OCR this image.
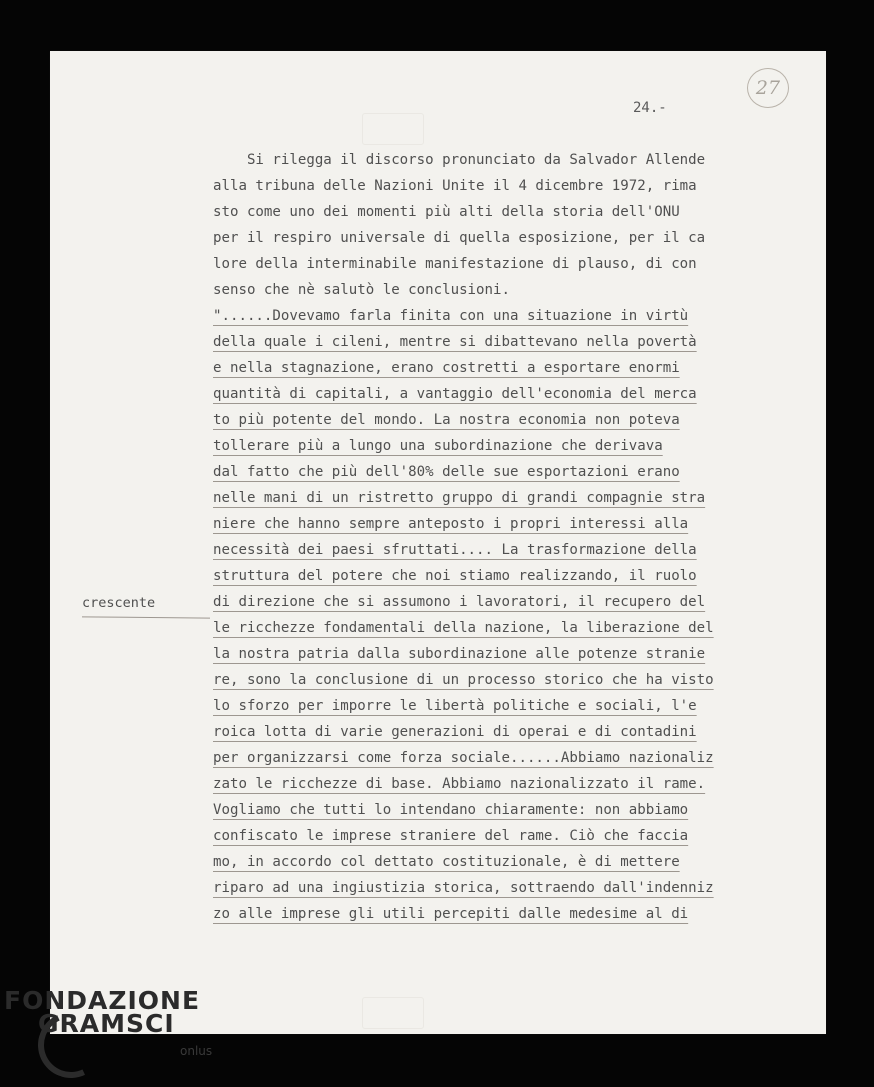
27
24.-
crescente
Si rilegga il discorso pronunciato da Salvador Allende
alla tribuna delle Nazioni Unite il 4 dicembre 1972, rima
sto come uno dei momenti più alti della storia dell'ONU
per il respiro universale di quella esposizione, per il ca
lore della interminabile manifestazione di plauso, di con
senso che nè salutò le conclusioni.
"......Dovevamo farla finita con una situazione in virtù
della quale i cileni, mentre si dibattevano nella povertà
e nella stagnazione, erano costretti a esportare enormi
quantità di capitali, a vantaggio dell'economia del merca
to più potente del mondo. La nostra economia non poteva
tollerare più a lungo una subordinazione che derivava
dal fatto che più dell'80% delle sue esportazioni erano
nelle mani di un ristretto gruppo di grandi compagnie stra
niere che hanno sempre anteposto i propri interessi alla
necessità dei paesi sfruttati.... La trasformazione della
struttura del potere che noi stiamo realizzando, il ruolo
di direzione che si assumono i lavoratori, il recupero del
le ricchezze fondamentali della nazione, la liberazione del
la nostra patria dalla subordinazione alle potenze stranie
re, sono la conclusione di un processo storico che ha visto
lo sforzo per imporre le libertà politiche e sociali, l'e
roica lotta di varie generazioni di operai e di contadini
per organizzarsi come forza sociale......Abbiamo nazionaliz
zato le ricchezze di base. Abbiamo nazionalizzato il rame.
Vogliamo che tutti lo intendano chiaramente: non abbiamo
confiscato le imprese straniere del rame. Ciò che faccia
mo, in accordo col dettato costituzionale, è di mettere
riparo ad una ingiustizia storica, sottraendo dall'indenniz
zo alle imprese gli utili percepiti dalle medesime al di
FONDAZIONE
GRAMSCI
onlus
